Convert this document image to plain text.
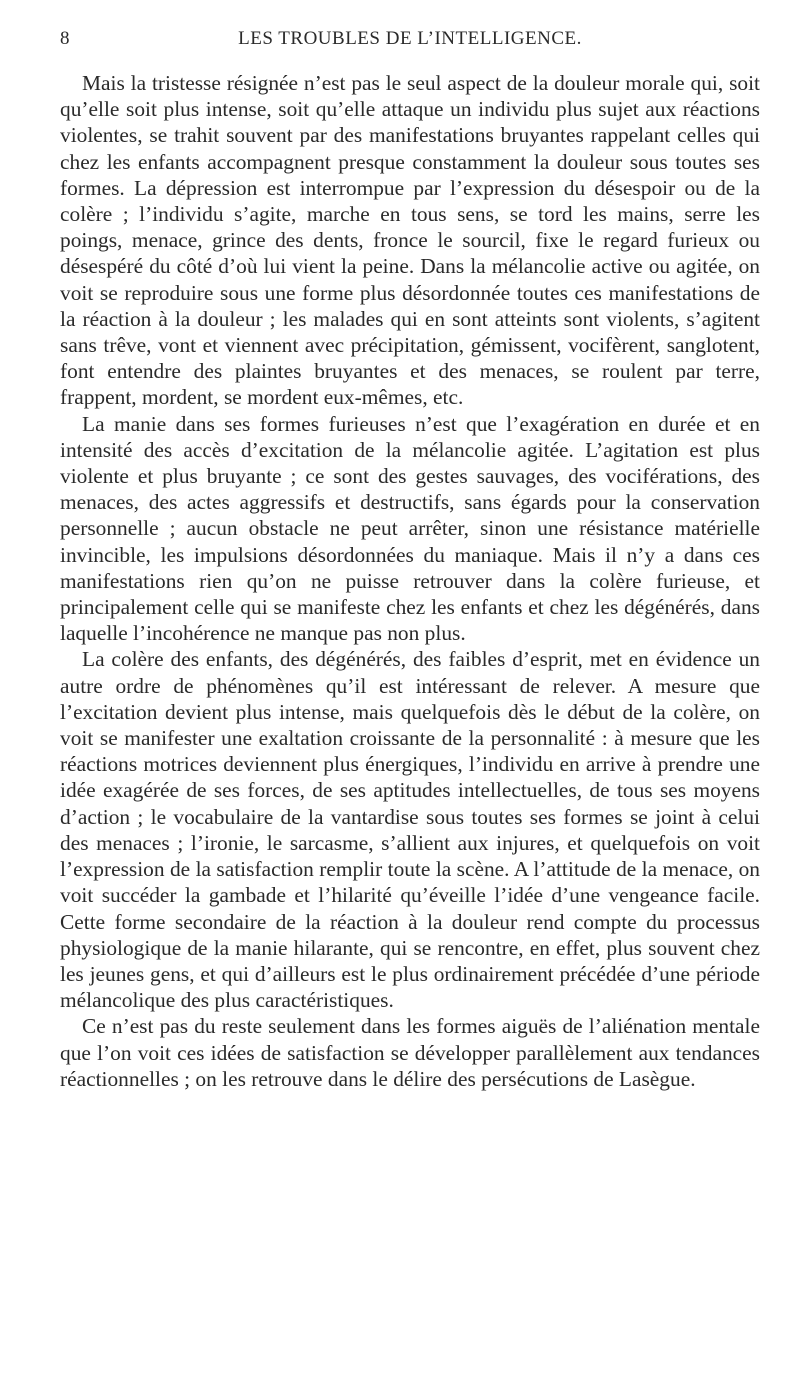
8	LES TROUBLES DE L’INTELLIGENCE.

Mais la tristesse résignée n’est pas le seul aspect de la douleur morale qui, soit qu’elle soit plus intense, soit qu’elle attaque un individu plus sujet aux réactions violentes, se trahit souvent par des manifestations bruyantes rappelant celles qui chez les enfants accompagnent presque constamment la douleur sous toutes ses formes. La dépression est interrompue par l’expression du désespoir ou de la colère ; l’individu s’agite, marche en tous sens, se tord les mains, serre les poings, menace, grince des dents, fronce le sourcil, fixe le regard furieux ou désespéré du côté d’où lui vient la peine. Dans la mélancolie active ou agitée, on voit se reproduire sous une forme plus désordonnée toutes ces manifestations de la réaction à la douleur ; les malades qui en sont atteints sont violents, s’agitent sans trêve, vont et viennent avec précipitation, gémissent, vocifèrent, sanglotent, font entendre des plaintes bruyantes et des menaces, se roulent par terre, frappent, mordent, se mordent eux-mêmes, etc.

La manie dans ses formes furieuses n’est que l’exagération en durée et en intensité des accès d’excitation de la mélancolie agitée. L’agitation est plus violente et plus bruyante ; ce sont des gestes sauvages, des vociférations, des menaces, des actes aggressifs et destructifs, sans égards pour la conservation personnelle ; aucun obstacle ne peut arrêter, sinon une résistance matérielle invincible, les impulsions désordonnées du maniaque. Mais il n’y a dans ces manifestations rien qu’on ne puisse retrouver dans la colère furieuse, et principalement celle qui se manifeste chez les enfants et chez les dégénérés, dans laquelle l’incohérence ne manque pas non plus.

La colère des enfants, des dégénérés, des faibles d’esprit, met en évidence un autre ordre de phénomènes qu’il est intéressant de relever. A mesure que l’excitation devient plus intense, mais quelquefois dès le début de la colère, on voit se manifester une exaltation croissante de la personnalité : à mesure que les réactions motrices deviennent plus énergiques, l’individu en arrive à prendre une idée exagérée de ses forces, de ses aptitudes intellectuelles, de tous ses moyens d’action ; le vocabulaire de la vantardise sous toutes ses formes se joint à celui des menaces ; l’ironie, le sarcasme, s’allient aux injures, et quelquefois on voit l’expression de la satisfaction remplir toute la scène. A l’attitude de la menace, on voit succéder la gambade et l’hilarité qu’éveille l’idée d’une vengeance facile. Cette forme secondaire de la réaction à la douleur rend compte du processus physiologique de la manie hilarante, qui se rencontre, en effet, plus souvent chez les jeunes gens, et qui d’ailleurs est le plus ordinairement précédée d’une période mélancolique des plus caractéristiques.

Ce n’est pas du reste seulement dans les formes aiguës de l’aliénation mentale que l’on voit ces idées de satisfaction se développer parallèlement aux tendances réactionnelles ; on les retrouve dans le délire des persécutions de Lasègue.
